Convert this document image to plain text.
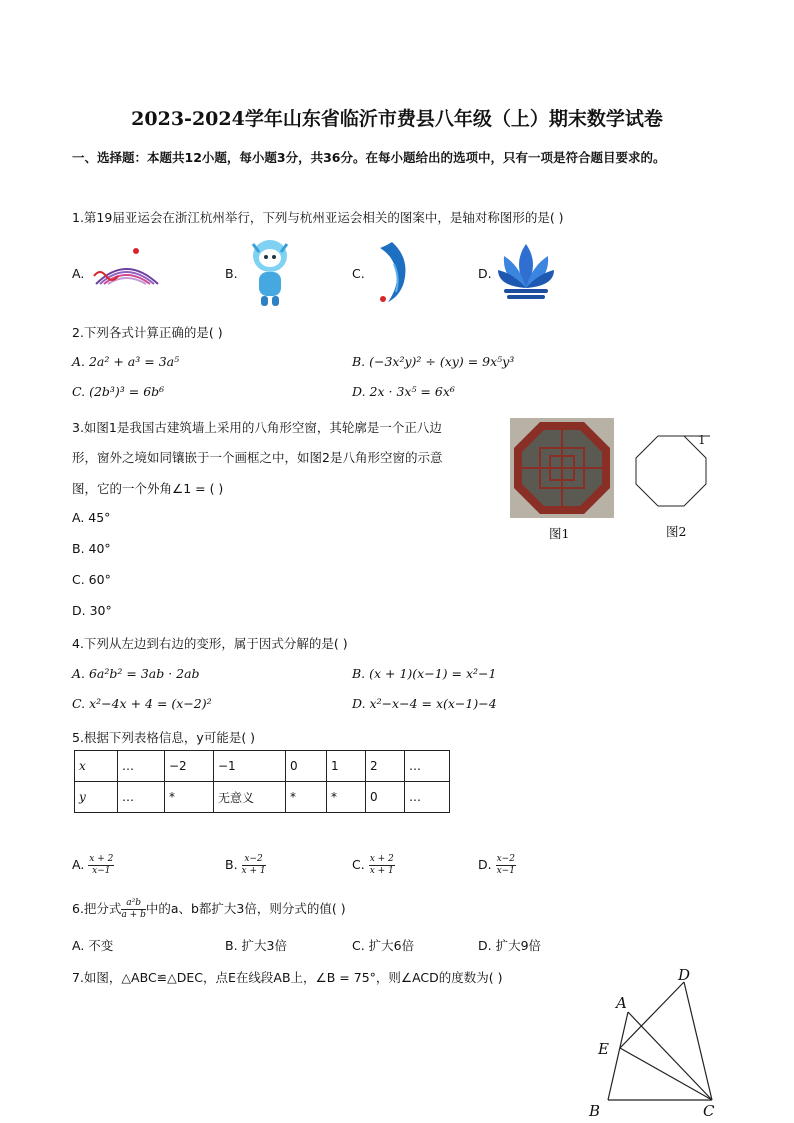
2023-2024学年山东省临沂市费县八年级（上）期末数学试卷
一、选择题：本题共12小题，每小题3分，共36分。在每小题给出的选项中，只有一项是符合题目要求的。
1.第19届亚运会在浙江杭州举行，下列与杭州亚运会相关的图案中，是轴对称图形的是( )
A.	B.	C.	D.
2.下列各式计算正确的是( )
A. 2a² + a³ = 3a⁵	B. (−3x²y)² ÷ (xy) = 9x⁵y³
C. (2b³)³ = 6b⁶	D. 2x · 3x⁵ = 6x⁶
3.如图1是我国古建筑墙上采用的八角形空窗，其轮廓是一个正八边
形，窗外之境如同镶嵌于一个画框之中，如图2是八角形空窗的示意
图，它的一个外角∠1 = ( )
A. 45°
B. 40°
C. 60°
D. 30°
图1
1
图2
4.下列从左边到右边的变形，属于因式分解的是( )
A. 6a²b² = 3ab · 2ab	B. (x + 1)(x−1) = x²−1
C. x²−4x + 4 = (x−2)²	D. x²−x−4 = x(x−1)−4
5.根据下列表格信息，y可能是( )
x	…	−2	−1	0	1	2	…
y	…	*	无意义	*	*	0	…
A. $\frac{x + 2}{x-1}$	B. $\frac{x-2}{x + 1}$	C. $\frac{x + 2}{x + 1}$	D. $\frac{x-2}{x-1}$
6.把分式 $\frac{\text{a²b}}{a + b}$ 中的a、b都扩大3倍，则分式的值( )
A. 不变	B. 扩大3倍	C. 扩大6倍	D. 扩大9倍
7.如图，△ABC≌△DEC，点E在线段AB上，∠B = 75°，则∠ACD的度数为( )
A
B	C
D
E
